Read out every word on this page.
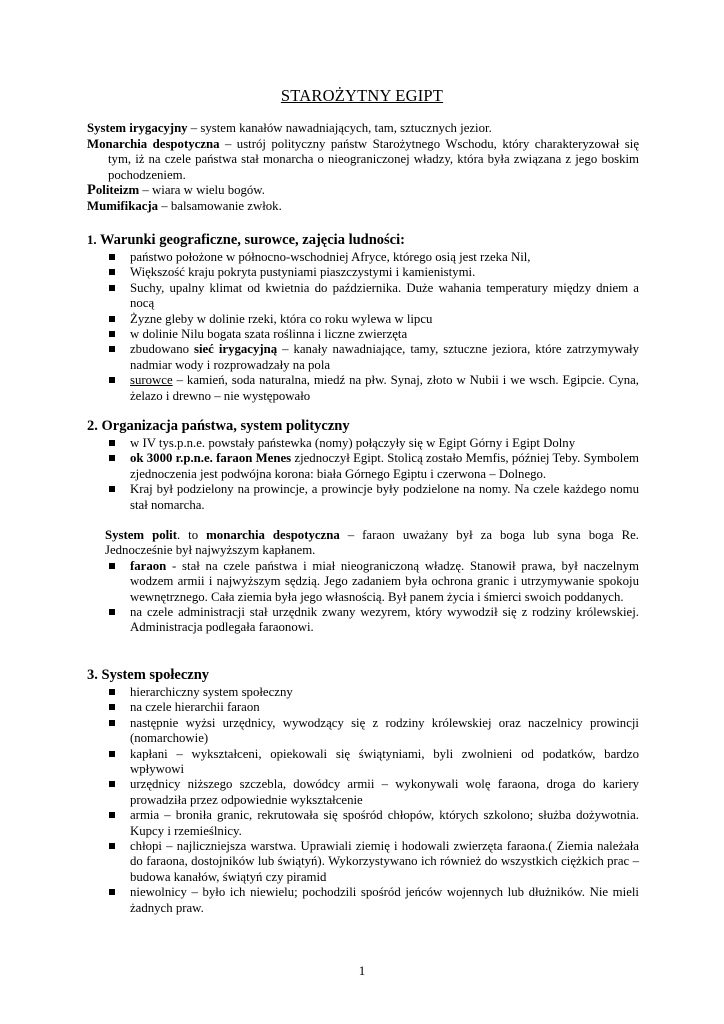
STAROŻYTNY EGIPT

System irygacyjny – system kanałów nawadniających, tam, sztucznych jezior.

Monarchia despotyczna – ustrój polityczny państw Starożytnego Wschodu, który charakteryzował się tym, iż na czele państwa stał monarcha o nieograniczonej władzy, która była związana z jego boskim pochodzeniem.

Politeizm – wiara w wielu bogów.

Mumifikacja – balsamowanie zwłok.

1. Warunki geograficzne, surowce, zajęcia ludności:
państwo położone w północno-wschodniej Afryce, którego osią jest rzeka Nil,
Większość kraju pokryta pustyniami piaszczystymi i kamienistymi.
Suchy, upalny klimat od kwietnia do października. Duże wahania temperatury między dniem a nocą
Żyzne gleby w dolinie rzeki, która co roku wylewa w lipcu
w dolinie Nilu bogata szata roślinna i liczne zwierzęta
zbudowano sieć irygacyjną – kanały nawadniające, tamy, sztuczne jeziora, które zatrzymywały nadmiar wody i rozprowadzały na pola
surowce – kamień, soda naturalna, miedź na płw. Synaj, złoto w Nubii i we wsch. Egipcie. Cyna, żelazo i drewno – nie występowało
2. Organizacja państwa, system polityczny
w IV tys.p.n.e. powstały państewka (nomy) połączyły się w Egipt Górny i Egipt Dolny
ok 3000 r.p.n.e. faraon Menes zjednoczył Egipt. Stolicą zostało Memfis, później Teby. Symbolem zjednoczenia jest podwójna korona: biała Górnego Egiptu i czerwona – Dolnego.
Kraj był podzielony na prowincje, a prowincje były podzielone na nomy. Na czele każdego nomu stał nomarcha.

System polit. to monarchia despotyczna – faraon uważany był za boga lub syna boga Re. Jednocześnie był najwyższym kapłanem.

faraon - stał na czele państwa i miał nieograniczoną władzę. Stanowił prawa, był naczelnym wodzem armii i najwyższym sędzią. Jego zadaniem była ochrona granic i utrzymywanie spokoju wewnętrznego. Cała ziemia była jego własnością. Był panem życia i śmierci swoich poddanych.
na czele administracji stał urzędnik zwany wezyrem, który wywodził się z rodziny królewskiej. Administracja podlegała faraonowi.
3. System społeczny
hierarchiczny system społeczny
na czele hierarchii faraon
następnie wyżsi urzędnicy, wywodzący się z rodziny królewskiej oraz naczelnicy prowincji (nomarchowie)
kapłani – wykształceni, opiekowali się świątyniami, byli zwolnieni od podatków, bardzo wpływowi
urzędnicy niższego szczebla, dowódcy armii – wykonywali wolę faraona, droga do kariery prowadziła przez odpowiednie wykształcenie
armia – broniła granic, rekrutowała się spośród chłopów, których szkolono; służba dożywotnia. Kupcy i rzemieślnicy.
chłopi – najliczniejsza warstwa. Uprawiali ziemię i hodowali zwierzęta faraona.( Ziemia należała do faraona, dostojników lub świątyń). Wykorzystywano ich również do wszystkich ciężkich prac – budowa kanałów, świątyń czy piramid
niewolnicy – było ich niewielu; pochodzili spośród jeńców wojennych lub dłużników. Nie mieli żadnych praw.
1
